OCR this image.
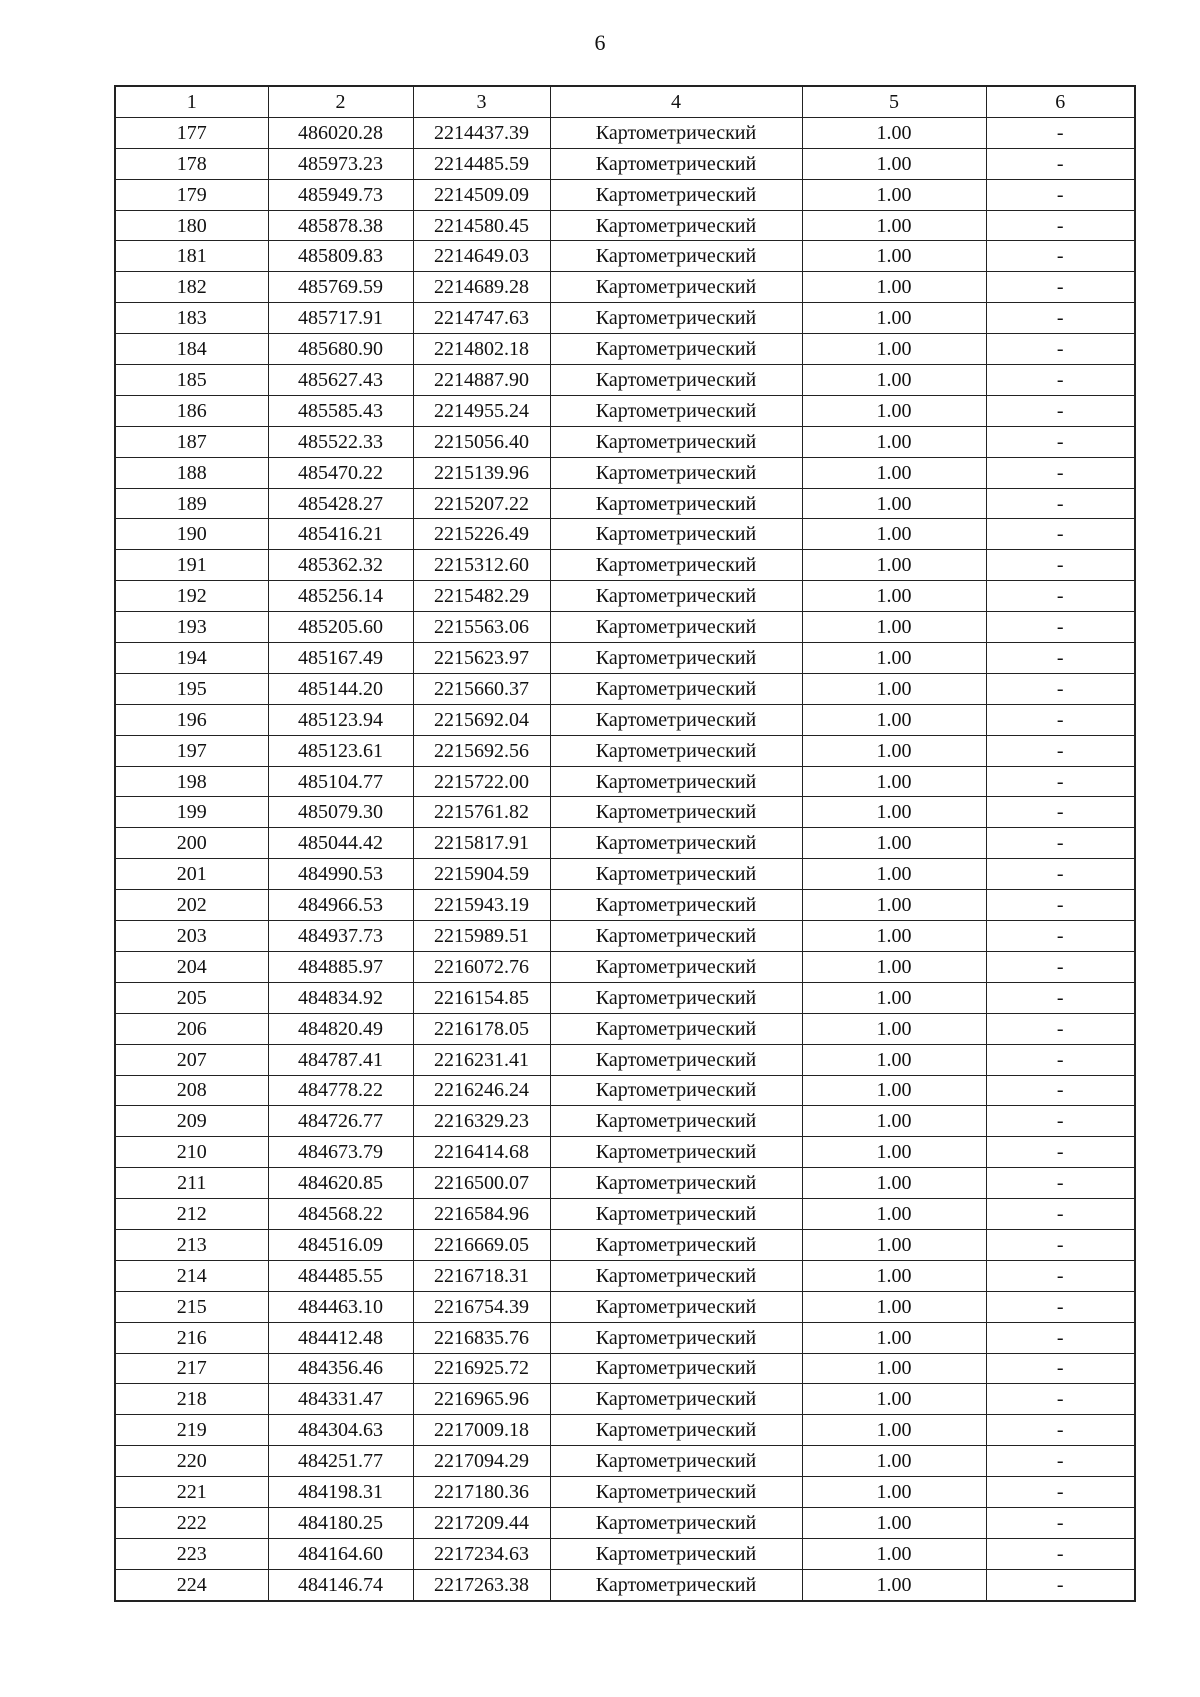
6
1	2	3	4	5	6
177	486020.28	2214437.39	Картометрический	1.00	-
178	485973.23	2214485.59	Картометрический	1.00	-
179	485949.73	2214509.09	Картометрический	1.00	-
180	485878.38	2214580.45	Картометрический	1.00	-
181	485809.83	2214649.03	Картометрический	1.00	-
182	485769.59	2214689.28	Картометрический	1.00	-
183	485717.91	2214747.63	Картометрический	1.00	-
184	485680.90	2214802.18	Картометрический	1.00	-
185	485627.43	2214887.90	Картометрический	1.00	-
186	485585.43	2214955.24	Картометрический	1.00	-
187	485522.33	2215056.40	Картометрический	1.00	-
188	485470.22	2215139.96	Картометрический	1.00	-
189	485428.27	2215207.22	Картометрический	1.00	-
190	485416.21	2215226.49	Картометрический	1.00	-
191	485362.32	2215312.60	Картометрический	1.00	-
192	485256.14	2215482.29	Картометрический	1.00	-
193	485205.60	2215563.06	Картометрический	1.00	-
194	485167.49	2215623.97	Картометрический	1.00	-
195	485144.20	2215660.37	Картометрический	1.00	-
196	485123.94	2215692.04	Картометрический	1.00	-
197	485123.61	2215692.56	Картометрический	1.00	-
198	485104.77	2215722.00	Картометрический	1.00	-
199	485079.30	2215761.82	Картометрический	1.00	-
200	485044.42	2215817.91	Картометрический	1.00	-
201	484990.53	2215904.59	Картометрический	1.00	-
202	484966.53	2215943.19	Картометрический	1.00	-
203	484937.73	2215989.51	Картометрический	1.00	-
204	484885.97	2216072.76	Картометрический	1.00	-
205	484834.92	2216154.85	Картометрический	1.00	-
206	484820.49	2216178.05	Картометрический	1.00	-
207	484787.41	2216231.41	Картометрический	1.00	-
208	484778.22	2216246.24	Картометрический	1.00	-
209	484726.77	2216329.23	Картометрический	1.00	-
210	484673.79	2216414.68	Картометрический	1.00	-
211	484620.85	2216500.07	Картометрический	1.00	-
212	484568.22	2216584.96	Картометрический	1.00	-
213	484516.09	2216669.05	Картометрический	1.00	-
214	484485.55	2216718.31	Картометрический	1.00	-
215	484463.10	2216754.39	Картометрический	1.00	-
216	484412.48	2216835.76	Картометрический	1.00	-
217	484356.46	2216925.72	Картометрический	1.00	-
218	484331.47	2216965.96	Картометрический	1.00	-
219	484304.63	2217009.18	Картометрический	1.00	-
220	484251.77	2217094.29	Картометрический	1.00	-
221	484198.31	2217180.36	Картометрический	1.00	-
222	484180.25	2217209.44	Картометрический	1.00	-
223	484164.60	2217234.63	Картометрический	1.00	-
224	484146.74	2217263.38	Картометрический	1.00	-
